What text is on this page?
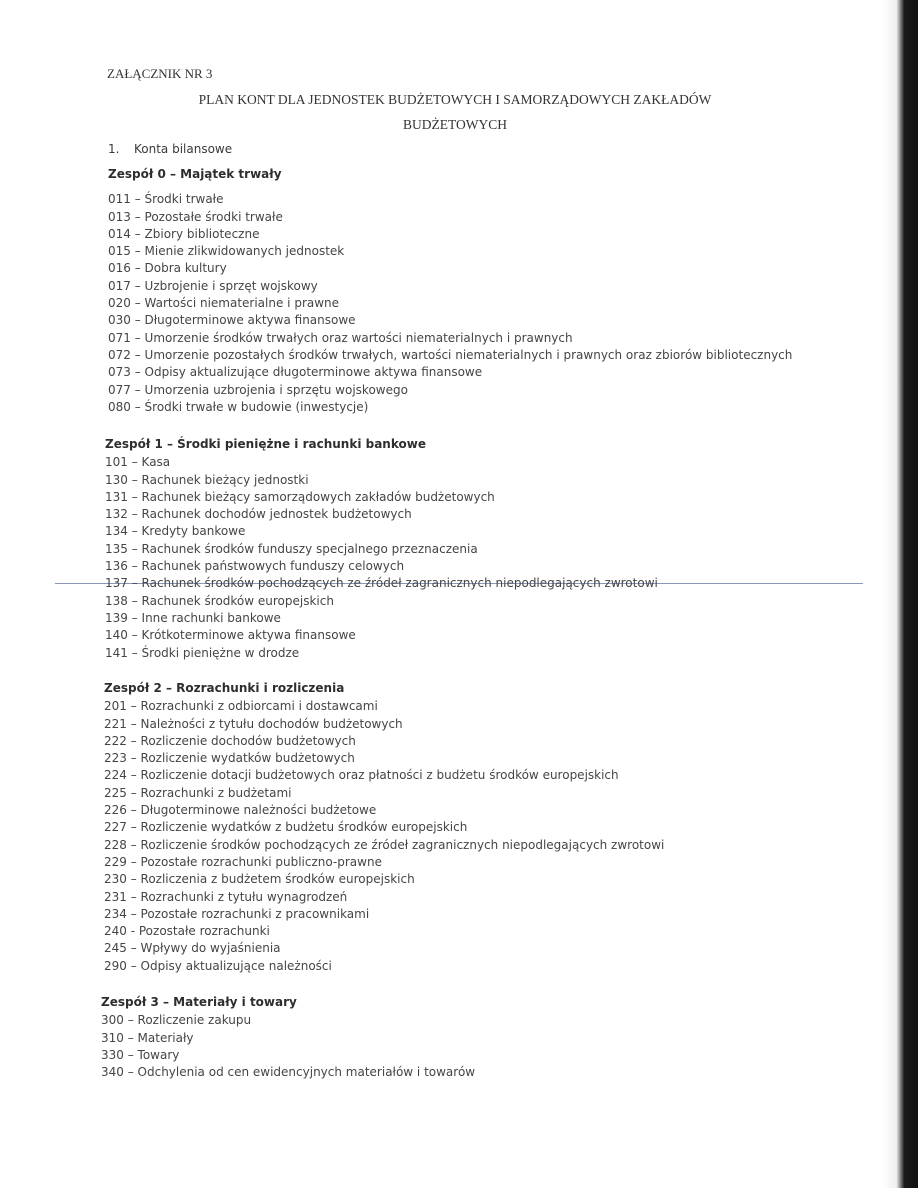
ZAŁĄCZNIK NR 3
PLAN KONT DLA JEDNOSTEK BUDŻETOWYCH I SAMORZĄDOWYCH ZAKŁADÓW
BUDŻETOWYCH
1. Konta bilansowe
Zespół 0 – Majątek trwały
011 – Środki trwałe
013 – Pozostałe środki trwałe
014 – Zbiory biblioteczne
015 – Mienie zlikwidowanych jednostek
016 – Dobra kultury
017 – Uzbrojenie i sprzęt wojskowy
020 – Wartości niematerialne i prawne
030 – Długoterminowe aktywa finansowe
071 – Umorzenie środków trwałych oraz wartości niematerialnych i prawnych
072 – Umorzenie pozostałych środków trwałych, wartości niematerialnych i prawnych oraz zbiorów bibliotecznych
073 – Odpisy aktualizujące długoterminowe aktywa finansowe
077 – Umorzenia uzbrojenia i sprzętu wojskowego
080 – Środki trwałe w budowie (inwestycje)
Zespół 1 – Środki pieniężne i rachunki bankowe
101 – Kasa
130 – Rachunek bieżący jednostki
131 – Rachunek bieżący samorządowych zakładów budżetowych
132 – Rachunek dochodów jednostek budżetowych
134 – Kredyty bankowe
135 – Rachunek środków funduszy specjalnego przeznaczenia
136 – Rachunek państwowych funduszy celowych
137 – Rachunek środków pochodzących ze źródeł zagranicznych niepodlegających zwrotowi
138 – Rachunek środków europejskich
139 – Inne rachunki bankowe
140 – Krótkoterminowe aktywa finansowe
141 – Środki pieniężne w drodze
Zespół 2 – Rozrachunki i rozliczenia
201 – Rozrachunki z odbiorcami i dostawcami
221 – Należności z tytułu dochodów budżetowych
222 – Rozliczenie dochodów budżetowych
223 – Rozliczenie wydatków budżetowych
224 – Rozliczenie dotacji budżetowych oraz płatności z budżetu środków europejskich
225 – Rozrachunki z budżetami
226 – Długoterminowe należności budżetowe
227 – Rozliczenie wydatków z budżetu środków europejskich
228 – Rozliczenie środków pochodzących ze źródeł zagranicznych niepodlegających zwrotowi
229 – Pozostałe rozrachunki publiczno-prawne
230 – Rozliczenia z budżetem środków europejskich
231 – Rozrachunki z tytułu wynagrodzeń
234 – Pozostałe rozrachunki z pracownikami
240 - Pozostałe rozrachunki
245 – Wpływy do wyjaśnienia
290 – Odpisy aktualizujące należności
Zespół 3 – Materiały i towary
300 – Rozliczenie zakupu
310 – Materiały
330 – Towary
340 – Odchylenia od cen ewidencyjnych materiałów i towarów
